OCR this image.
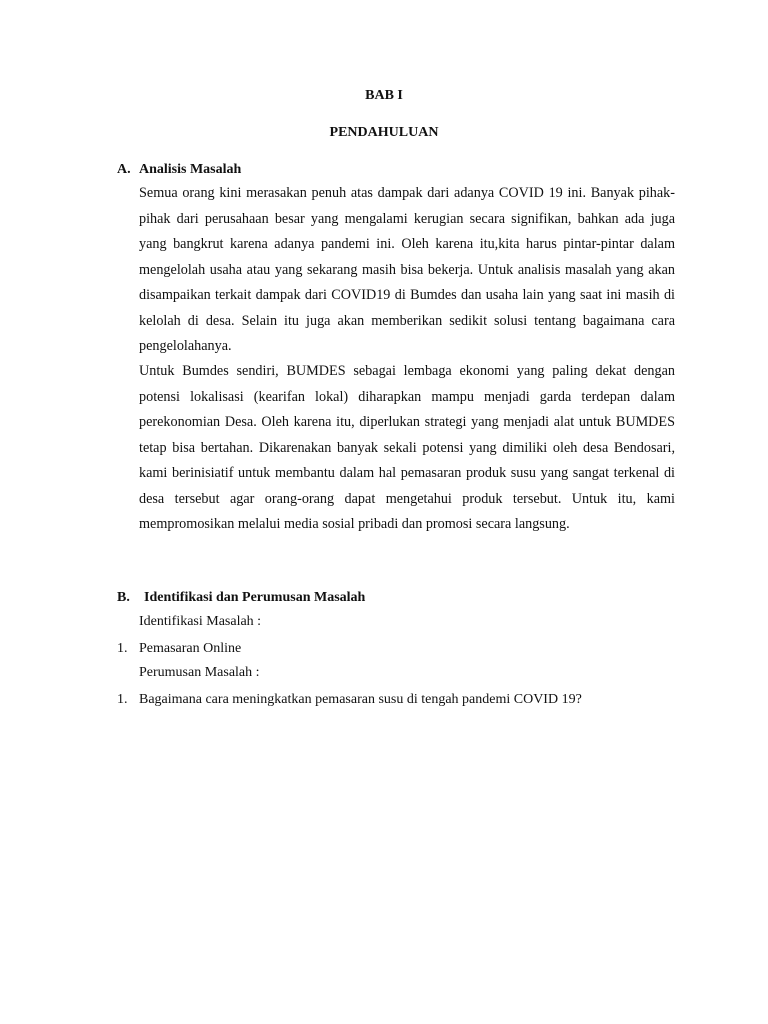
BAB I
PENDAHULUAN
A. Analisis Masalah

Semua orang kini merasakan penuh atas dampak dari adanya COVID 19 ini. Banyak pihak-pihak dari perusahaan besar yang mengalami kerugian secara signifikan, bahkan ada juga yang bangkrut karena adanya pandemi ini. Oleh karena itu,kita harus pintar-pintar dalam mengelolah usaha atau yang sekarang masih bisa bekerja. Untuk analisis masalah yang akan disampaikan terkait dampak dari COVID19 di Bumdes dan usaha lain yang saat ini masih di kelolah di desa. Selain itu juga akan memberikan sedikit solusi tentang bagaimana cara pengelolahanya.

Untuk Bumdes sendiri, BUMDES sebagai lembaga ekonomi yang paling dekat dengan potensi lokalisasi (kearifan lokal) diharapkan mampu menjadi garda terdepan dalam perekonomian Desa. Oleh karena itu, diperlukan strategi yang menjadi alat untuk BUMDES tetap bisa bertahan. Dikarenakan banyak sekali potensi yang dimiliki oleh desa Bendosari, kami berinisiatif untuk membantu dalam hal pemasaran produk susu yang sangat terkenal di desa tersebut agar orang-orang dapat mengetahui produk tersebut. Untuk itu, kami mempromosikan melalui media sosial pribadi dan promosi secara langsung.

B. Identifikasi dan Perumusan Masalah
Identifikasi Masalah :
1. Pemasaran Online
Perumusan Masalah :
1. Bagaimana cara meningkatkan pemasaran susu di tengah pandemi COVID 19?
